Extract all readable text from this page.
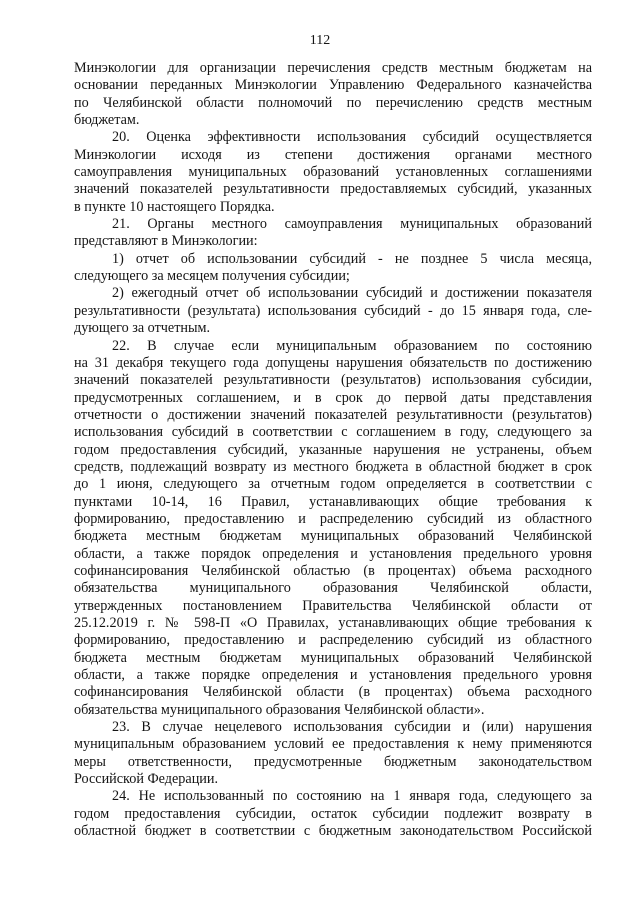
112
Минэкологии для организации перечисления средств местным бюджетам на
основании переданных Минэкологии Управлению Федерального казначейства
по Челябинской области полномочий по перечислению средств местным
бюджетам.
20. Оценка эффективности использования субсидий осуществляется
Минэкологии исходя из степени достижения органами местного
самоуправления муниципальных образований установленных соглашениями
значений показателей результативности предоставляемых субсидий, указанных
в пункте 10 настоящего Порядка.
21. Органы местного самоуправления муниципальных образований
представляют в Минэкологии:
1) отчет об использовании субсидий - не позднее 5 числа месяца,
следующего за месяцем получения субсидии;
2) ежегодный отчет об использовании субсидий и достижении показателя
результативности (результата) использования субсидий - до 15 января года, сле-
дующего за отчетным.
22. В случае если муниципальным образованием по состоянию
на 31 декабря текущего года допущены нарушения обязательств по достижению
значений показателей результативности (результатов) использования субсидии,
предусмотренных соглашением, и в срок до первой даты представления
отчетности о достижении значений показателей результативности (результатов)
использования субсидий в соответствии с соглашением в году, следующего за
годом предоставления субсидий, указанные нарушения не устранены, объем
средств, подлежащий возврату из местного бюджета в областной бюджет в срок
до 1 июня, следующего за отчетным годом определяется в соответствии с
пунктами 10-14, 16 Правил, устанавливающих общие требования к
формированию, предоставлению и распределению субсидий из областного
бюджета местным бюджетам муниципальных образований Челябинской
области, а также порядок определения и установления предельного уровня
софинансирования Челябинской областью (в процентах) объема расходного
обязательства муниципального образования Челябинской области,
утвержденных постановлением Правительства Челябинской области от
25.12.2019 г. № 598-П «О Правилах, устанавливающих общие требования к
формированию, предоставлению и распределению субсидий из областного
бюджета местным бюджетам муниципальных образований Челябинской
области, а также порядке определения и установления предельного уровня
софинансирования Челябинской области (в процентах) объема расходного
обязательства муниципального образования Челябинской области».
23. В случае нецелевого использования субсидии и (или) нарушения
муниципальным образованием условий ее предоставления к нему применяются
меры ответственности, предусмотренные бюджетным законодательством
Российской Федерации.
24. Не использованный по состоянию на 1 января года, следующего за
годом предоставления субсидии, остаток субсидии подлежит возврату в
областной бюджет в соответствии с бюджетным законодательством Российской
